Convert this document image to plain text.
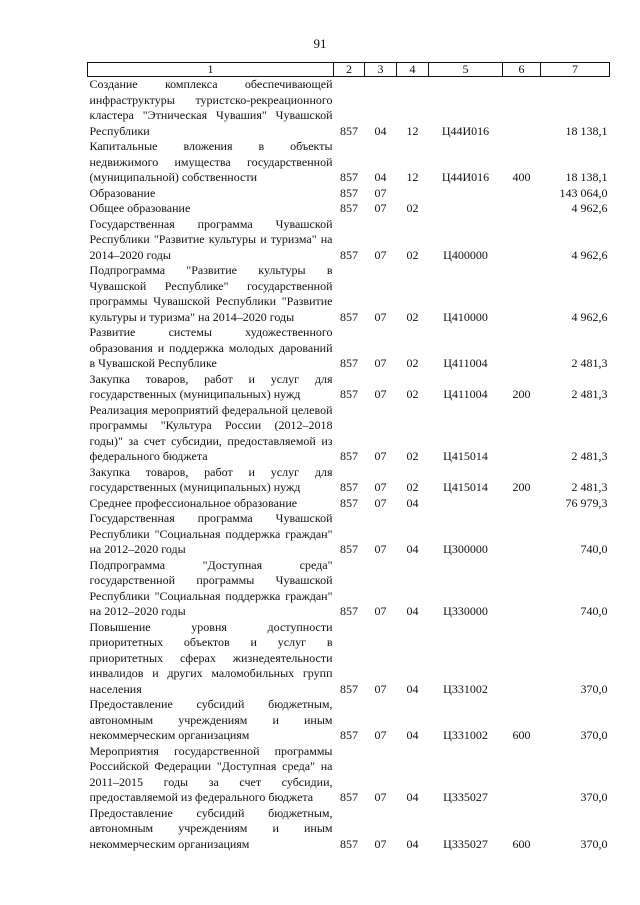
91
1	2	3	4	5	6	7
Создание комплекса обеспечивающей инфраструктуры туристско-рекреационного кластера "Этническая Чувашия" Чувашской Республики	857	04	12	Ц44И016		18 138,1
Капитальные вложения в объекты недвижимого имущества государственной (муниципальной) собственности	857	04	12	Ц44И016	400	18 138,1
Образование	857	07				143 064,0
Общее образование	857	07	02			4 962,6
Государственная программа Чувашской Республики "Развитие культуры и туризма" на 2014–2020 годы	857	07	02	Ц400000		4 962,6
Подпрограмма "Развитие культуры в Чувашской Республике" государственной программы Чувашской Республики "Развитие культуры и туризма" на 2014–2020 годы	857	07	02	Ц410000		4 962,6
Развитие системы художественного образования и поддержка молодых дарований в Чувашской Республике	857	07	02	Ц411004		2 481,3
Закупка товаров, работ и услуг для государственных (муниципальных) нужд	857	07	02	Ц411004	200	2 481,3
Реализация мероприятий федеральной целевой программы "Культура России (2012–2018 годы)" за счет субсидии, предоставляемой из федерального бюджета	857	07	02	Ц415014		2 481,3
Закупка товаров, работ и услуг для государственных (муниципальных) нужд	857	07	02	Ц415014	200	2 481,3
Среднее профессиональное образование	857	07	04			76 979,3
Государственная программа Чувашской Республики "Социальная поддержка граждан" на 2012–2020 годы	857	07	04	Ц300000		740,0
Подпрограмма "Доступная среда" государственной программы Чувашской Республики "Социальная поддержка граждан" на 2012–2020 годы	857	07	04	Ц330000		740,0
Повышение уровня доступности приоритетных объектов и услуг в приоритетных сферах жизнедеятельности инвалидов и других маломобильных групп населения	857	07	04	Ц331002		370,0
Предоставление субсидий бюджетным, автономным учреждениям и иным некоммерческим организациям	857	07	04	Ц331002	600	370,0
Мероприятия государственной программы Российской Федерации "Доступная среда" на 2011–2015 годы за счет субсидии, предоставляемой из федерального бюджета	857	07	04	Ц335027		370,0
Предоставление субсидий бюджетным, автономным учреждениям и иным некоммерческим организациям	857	07	04	Ц335027	600	370,0
